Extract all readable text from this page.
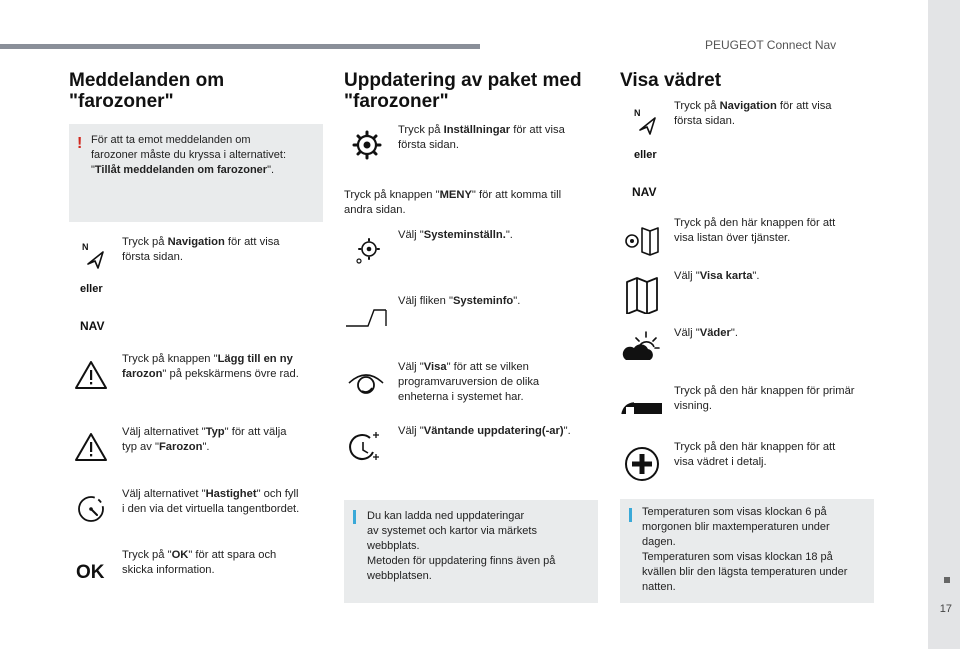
PEUGEOT Connect Nav
17
Meddelanden om "farozoner"
! För att ta emot meddelanden om
farozoner måste du kryssa i alternativet:
"Tillåt meddelanden om farozoner".
N
eller
NAV
Tryck på Navigation för att visa
första sidan.
Tryck på knappen "Lägg till en ny
farozon" på pekskärmens övre rad.
Välj alternativet "Typ" för att välja
typ av "Farozon".
Välj alternativet "Hastighet" och fyll
i den via det virtuella tangentbordet.
OK
Tryck på "OK" för att spara och
skicka information.
Uppdatering av paket med "farozoner"
Tryck på Inställningar för att visa
första sidan.
Tryck på knappen "MENY" för att komma till
andra sidan.
Välj "Systeminställn.".
Välj fliken "Systeminfo".
Välj "Visa" för att se vilken
programvaruversion de olika
enheterna i systemet har.
Välj "Väntande uppdatering(-ar)".
Du kan ladda ned uppdateringar
av systemet och kartor via märkets
webbplats.
Metoden för uppdatering finns även på
webbplatsen.
Visa vädret
N
eller
NAV
Tryck på Navigation för att visa
första sidan.
Tryck på den här knappen för att
visa listan över tjänster.
Välj "Visa karta".
Välj "Väder".
Tryck på den här knappen för primär
visning.
Tryck på den här knappen för att
visa vädret i detalj.
Temperaturen som visas klockan 6 på
morgonen blir maxtemperaturen under
dagen.
Temperaturen som visas klockan 18 på
kvällen blir den lägsta temperaturen under
natten.
